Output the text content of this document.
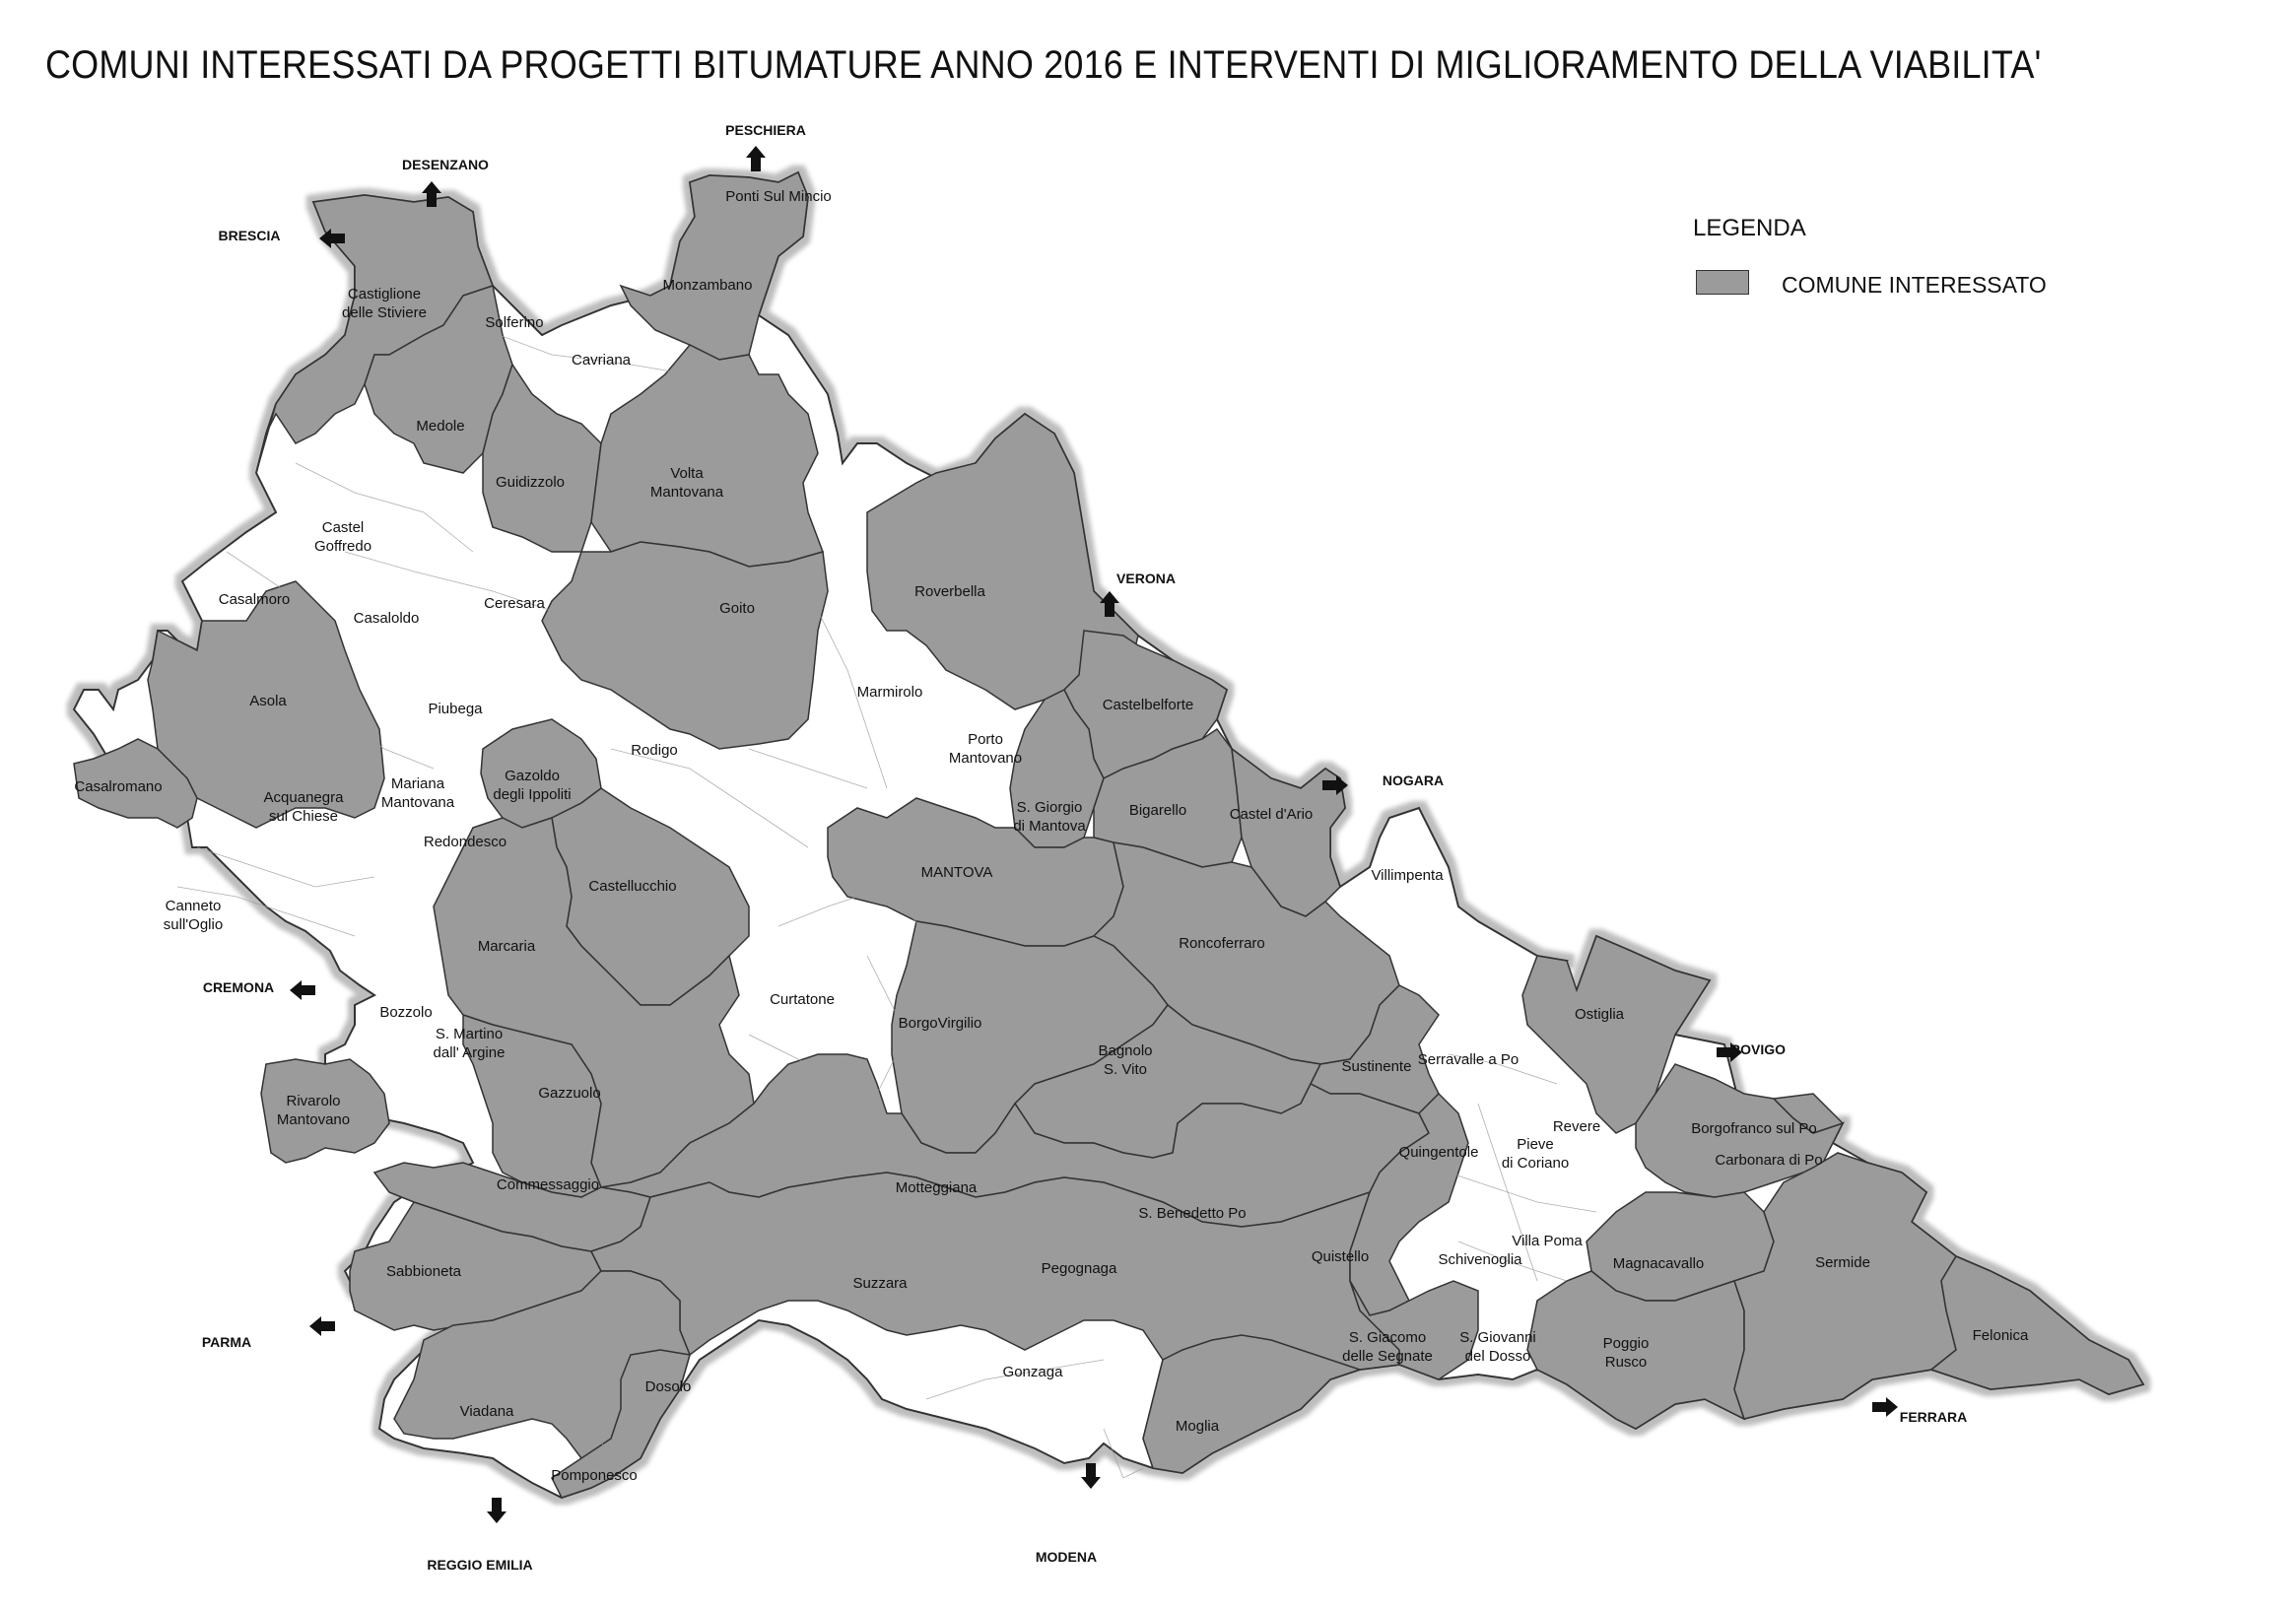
COMUNI INTERESSATI DA PROGETTI BITUMATURE ANNO 2016 E INTERVENTI DI MIGLIORAMENTO DELLA VIABILITA'
Ponti Sul Mincio
Monzambano
Castiglione delle Stiviere
Solferino
Cavriana
Medole
Guidizzolo
Volta Mantovana
Castel Goffredo
Casalmoro
Casaloldo
Ceresara	Goito
Roverbella
Marmirolo
Asola	Piubega
Casalromano	Mariana Mantovana
Gazoldo degli Ippoliti
Rodigo
Porto Mantovano
Castelbelforte
Acquanegra sul Chiese
Redondesco
Canneto sull'Oglio
S. Giorgio di Mantova
Bigarello	Castel d'Ario
Villimpenta
Castellucchio
MANTOVA
Marcaria	Roncoferraro
Bozzolo
S. Martino dall' Argine
Curtatone
BorgoVirgilio
Ostiglia
Bagnolo S. Vito	Sustinente Serravalle a Po
Rivarolo Mantovano
Gazzuolo
Revere	Borgofranco sul Po
Quingentole	Pieve di Coriano	Carbonara di Po
Commessaggio	Motteggiana
S. Benedetto Po
Villa Poma
Quistello	Schivenoglia	Magnacavallo	Sermide
Sabbioneta	Pegognaga
Suzzara
S. Giacomo delle Segnate
S. Giovanni del Dosso
Poggio Rusco
Felonica
Gonzaga
Viadana
Dosolo
Moglia
Pomponesco
DESENZANO
PESCHIERA
BRESCIA
VERONA
NOGARA
CREMONA
ROVIGO
PARMA
FERRARA
REGGIO EMILIA	MODENA
LEGENDA
COMUNE INTERESSATO
